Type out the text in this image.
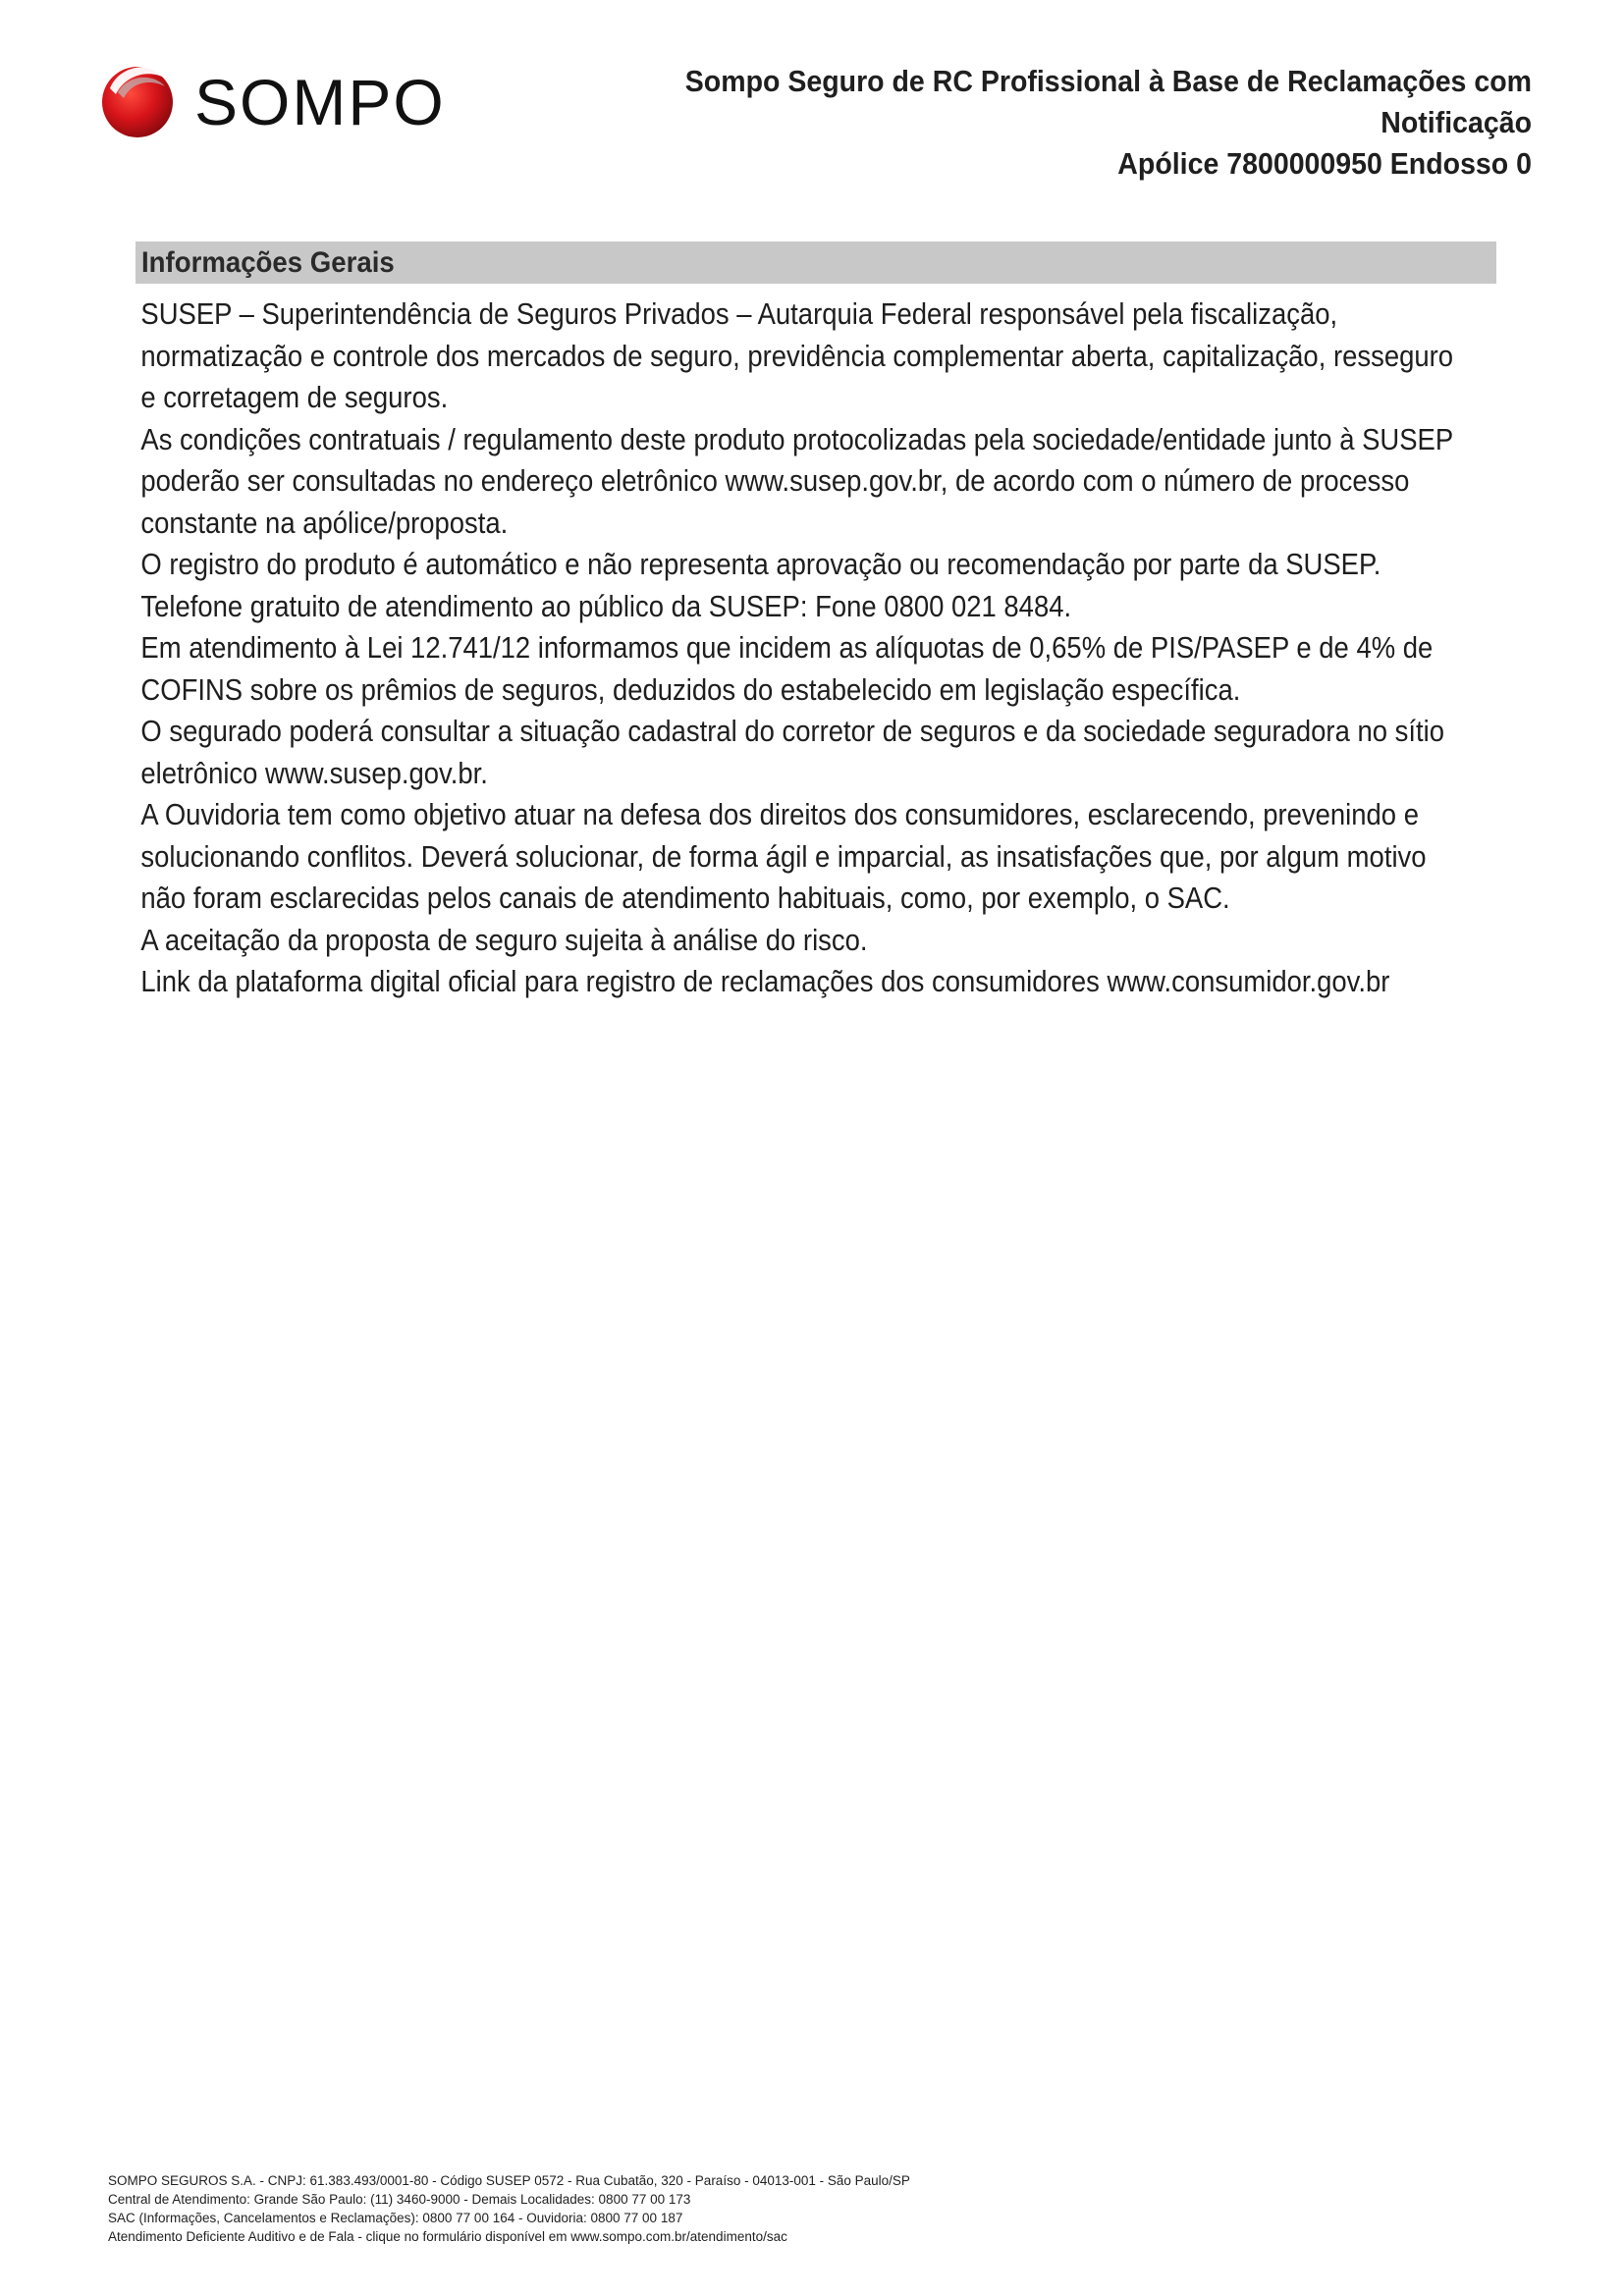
SOMPO	Sompo Seguro de RC Profissional à Base de Reclamações com Notificação
Apólice 7800000950 Endosso 0
Informações Gerais

SUSEP – Superintendência de Seguros Privados – Autarquia Federal responsável pela fiscalização, normatização e controle dos mercados de seguro, previdência complementar aberta, capitalização, resseguro e corretagem de seguros.

As condições contratuais / regulamento deste produto protocolizadas pela sociedade/entidade junto à SUSEP poderão ser consultadas no endereço eletrônico www.susep.gov.br, de acordo com o número de processo constante na apólice/proposta.

O registro do produto é automático e não representa aprovação ou recomendação por parte da SUSEP.

Telefone gratuito de atendimento ao público da SUSEP: Fone 0800 021 8484.

Em atendimento à Lei 12.741/12 informamos que incidem as alíquotas de 0,65% de PIS/PASEP e de 4% de COFINS sobre os prêmios de seguros, deduzidos do estabelecido em legislação específica.

O segurado poderá consultar a situação cadastral do corretor de seguros e da sociedade seguradora no sítio eletrônico www.susep.gov.br.

A Ouvidoria tem como objetivo atuar na defesa dos direitos dos consumidores, esclarecendo, prevenindo e solucionando conflitos. Deverá solucionar, de forma ágil e imparcial, as insatisfações que, por algum motivo não foram esclarecidas pelos canais de atendimento habituais, como, por exemplo, o SAC.

A aceitação da proposta de seguro sujeita à análise do risco.

Link da plataforma digital oficial para registro de reclamações dos consumidores www.consumidor.gov.br

SOMPO SEGUROS S.A. - CNPJ: 61.383.493/0001-80 - Código SUSEP 0572 - Rua Cubatão, 320 - Paraíso - 04013-001 - São Paulo/SP
Central de Atendimento: Grande São Paulo: (11) 3460-9000 - Demais Localidades: 0800 77 00 173
SAC (Informações, Cancelamentos e Reclamações): 0800 77 00 164 - Ouvidoria: 0800 77 00 187
Atendimento Deficiente Auditivo e de Fala - clique no formulário disponível em www.sompo.com.br/atendimento/sac
